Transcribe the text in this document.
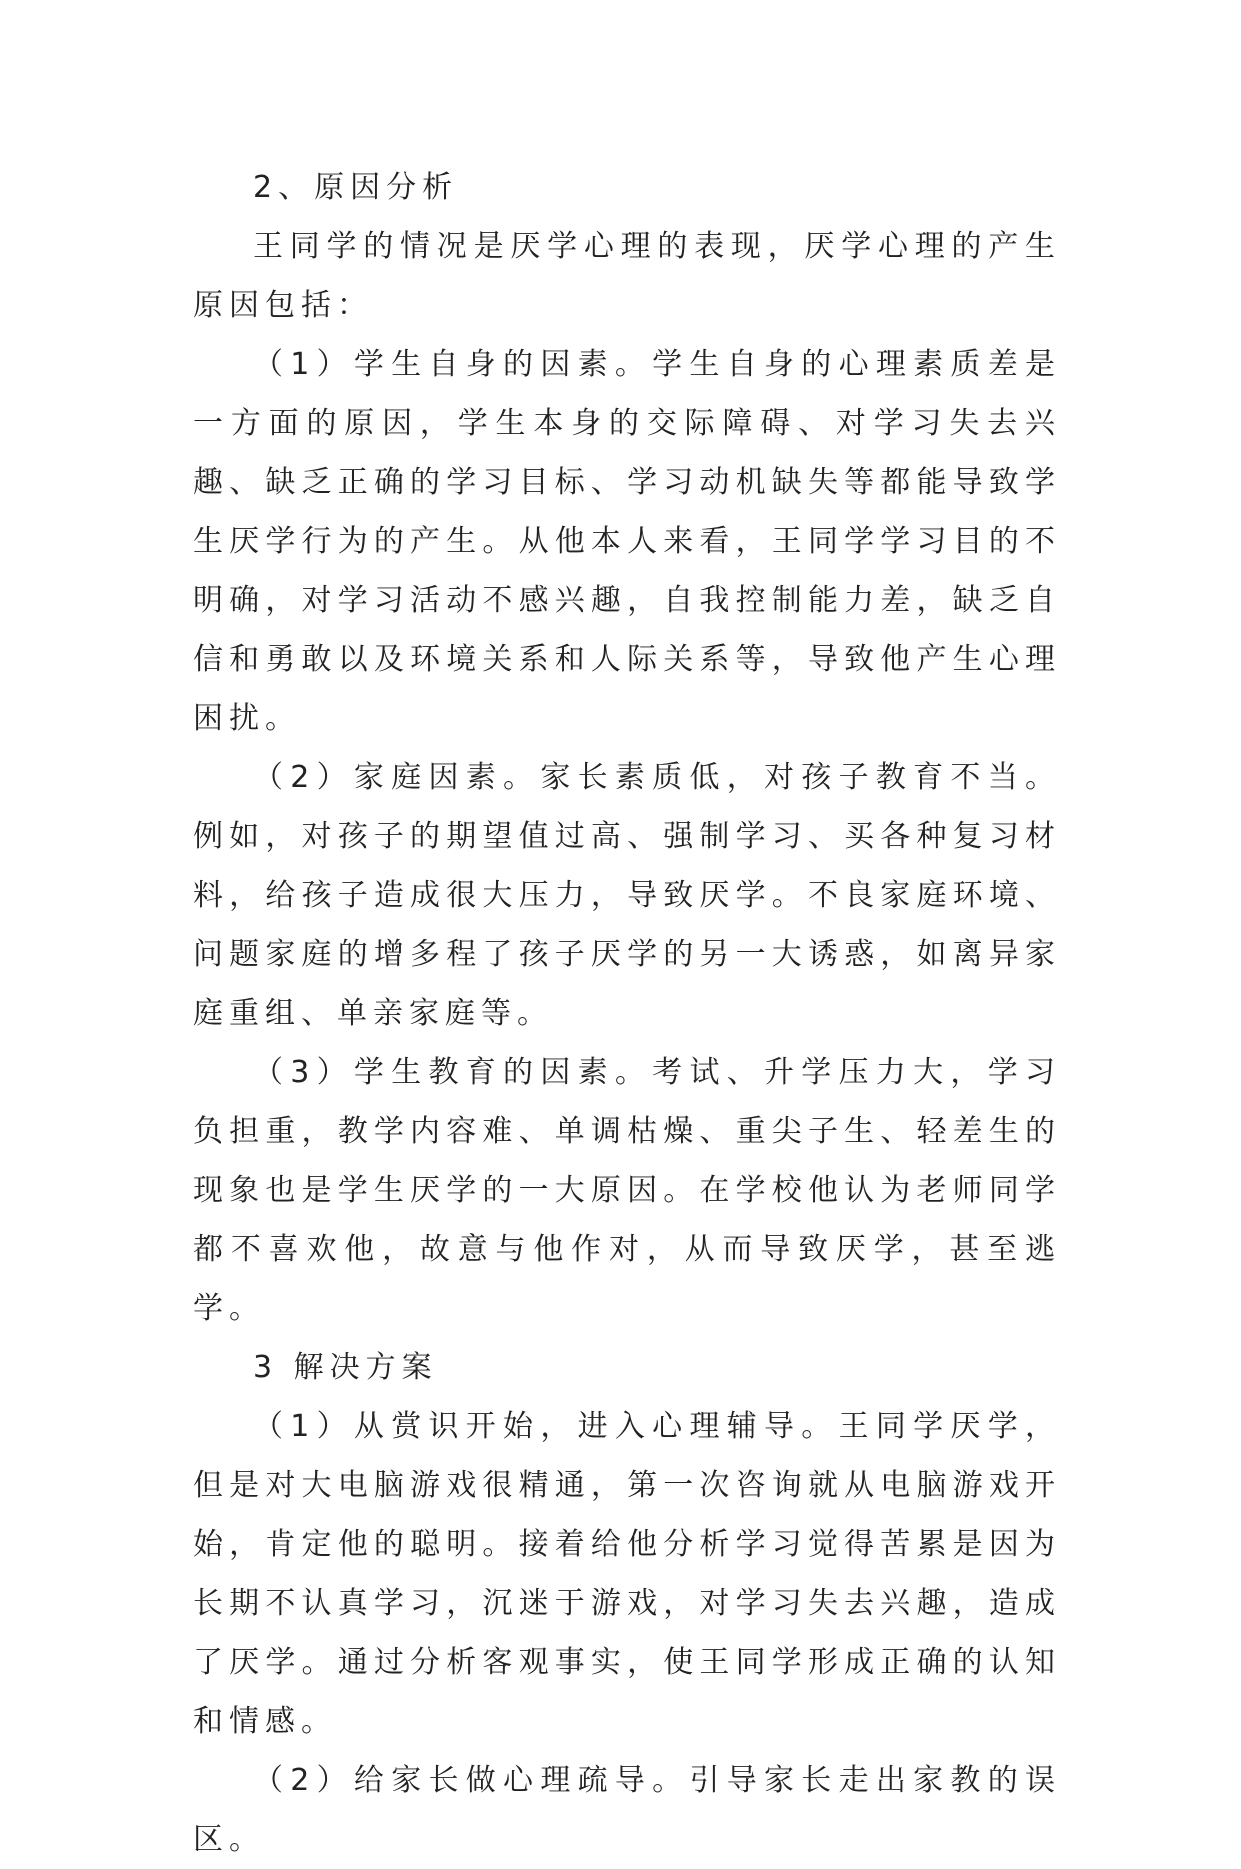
2、原因分析

王同学的情况是厌学心理的表现，厌学心理的产生原因包括：

（1）学生自身的因素。学生自身的心理素质差是一方面的原因，学生本身的交际障碍、对学习失去兴趣、缺乏正确的学习目标、学习动机缺失等都能导致学生厌学行为的产生。从他本人来看，王同学学习目的不明确，对学习活动不感兴趣，自我控制能力差，缺乏自信和勇敢以及环境关系和人际关系等，导致他产生心理困扰。

（2）家庭因素。家长素质低，对孩子教育不当。例如，对孩子的期望值过高、强制学习、买各种复习材料，给孩子造成很大压力，导致厌学。不良家庭环境、问题家庭的增多程了孩子厌学的另一大诱惑，如离异家庭重组、单亲家庭等。

（3）学生教育的因素。考试、升学压力大，学习负担重，教学内容难、单调枯燥、重尖子生、轻差生的现象也是学生厌学的一大原因。在学校他认为老师同学都不喜欢他，故意与他作对，从而导致厌学，甚至逃学。

3 解决方案

（1）从赏识开始，进入心理辅导。王同学厌学，但是对大电脑游戏很精通，第一次咨询就从电脑游戏开始，肯定他的聪明。接着给他分析学习觉得苦累是因为长期不认真学习，沉迷于游戏，对学习失去兴趣，造成了厌学。通过分析客观事实，使王同学形成正确的认知和情感。

（2）给家长做心理疏导。引导家长走出家教的误区。
